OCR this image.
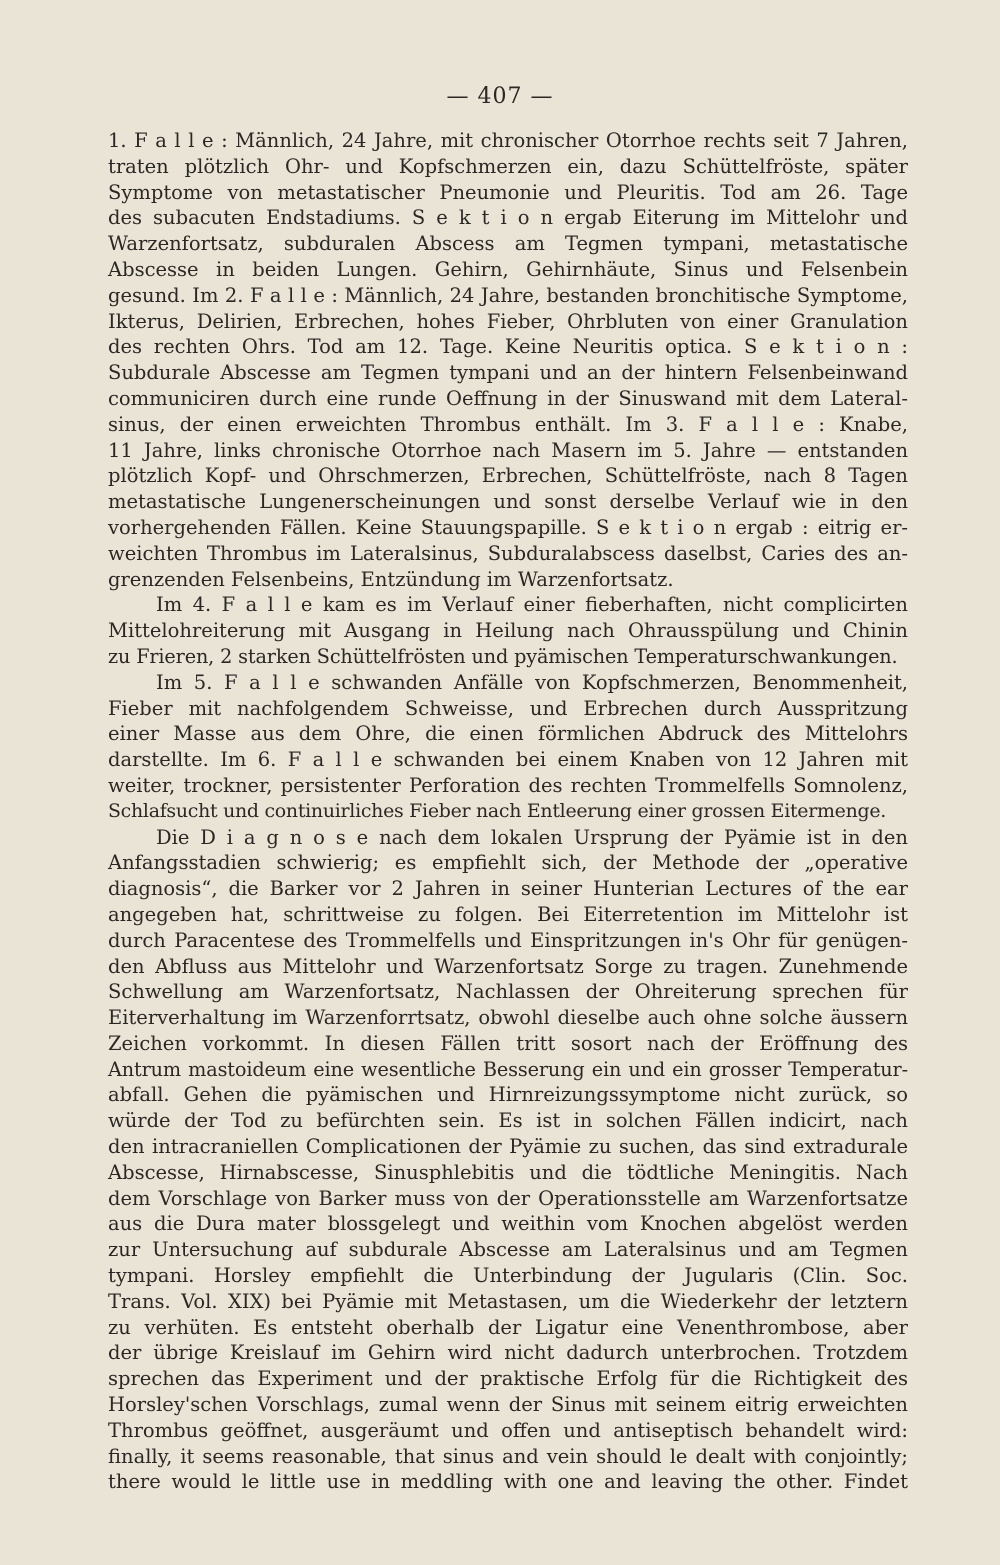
— 407 —
1. F a l l e : Männlich, 24 Jahre, mit chronischer Otorrhoe rechts seit 7 Jahren,
traten plötzlich Ohr- und Kopfschmerzen ein, dazu Schüttelfröste, später
Symptome von metastatischer Pneumonie und Pleuritis. Tod am 26. Tage
des subacuten Endstadiums. S e k t i o n ergab Eiterung im Mittelohr und
Warzenfortsatz, subduralen Abscess am Tegmen tympani, metastatische
Abscesse in beiden Lungen. Gehirn, Gehirnhäute, Sinus und Felsenbein
gesund. Im 2. F a l l e : Männlich, 24 Jahre, bestanden bronchitische Symptome,
Ikterus, Delirien, Erbrechen, hohes Fieber, Ohrbluten von einer Granulation
des rechten Ohrs. Tod am 12. Tage. Keine Neuritis optica. S e k t i o n :
Subdurale Abscesse am Tegmen tympani und an der hintern Felsenbeinwand
communiciren durch eine runde Oeffnung in der Sinuswand mit dem Lateral-
sinus, der einen erweichten Thrombus enthält. Im 3. F a l l e : Knabe,
11 Jahre, links chronische Otorrhoe nach Masern im 5. Jahre — entstanden
plötzlich Kopf- und Ohrschmerzen, Erbrechen, Schüttelfröste, nach 8 Tagen
metastatische Lungenerscheinungen und sonst derselbe Verlauf wie in den
vorhergehenden Fällen. Keine Stauungspapille. S e k t i o n ergab : eitrig er-
weichten Thrombus im Lateralsinus, Subduralabscess daselbst, Caries des an-
grenzenden Felsenbeins, Entzündung im Warzenfortsatz.
Im 4. F a l l e kam es im Verlauf einer fieberhaften, nicht complicirten
Mittelohreiterung mit Ausgang in Heilung nach Ohrausspülung und Chinin
zu Frieren, 2 starken Schüttelfrösten und pyämischen Temperaturschwankungen.
Im 5. F a l l e schwanden Anfälle von Kopfschmerzen, Benommenheit,
Fieber mit nachfolgendem Schweisse, und Erbrechen durch Ausspritzung
einer Masse aus dem Ohre, die einen förmlichen Abdruck des Mittelohrs
darstellte. Im 6. F a l l e schwanden bei einem Knaben von 12 Jahren mit
weiter, trockner, persistenter Perforation des rechten Trommelfells Somnolenz,
Schlafsucht und continuirliches Fieber nach Entleerung einer grossen Eitermenge.
Die D i a g n o s e nach dem lokalen Ursprung der Pyämie ist in den
Anfangsstadien schwierig; es empfiehlt sich, der Methode der „operative
diagnosis“, die Barker vor 2 Jahren in seiner Hunterian Lectures of the ear
angegeben hat, schrittweise zu folgen. Bei Eiterretention im Mittelohr ist
durch Paracentese des Trommelfells und Einspritzungen in's Ohr für genügen-
den Abfluss aus Mittelohr und Warzenfortsatz Sorge zu tragen. Zunehmende
Schwellung am Warzenfortsatz, Nachlassen der Ohreiterung sprechen für
Eiterverhaltung im Warzenforrtsatz, obwohl dieselbe auch ohne solche äussern
Zeichen vorkommt. In diesen Fällen tritt sosort nach der Eröffnung des
Antrum mastoideum eine wesentliche Besserung ein und ein grosser Temperatur-
abfall. Gehen die pyämischen und Hirnreizungssymptome nicht zurück, so
würde der Tod zu befürchten sein. Es ist in solchen Fällen indicirt, nach
den intracraniellen Complicationen der Pyämie zu suchen, das sind extradurale
Abscesse, Hirnabscesse, Sinusphlebitis und die tödtliche Meningitis. Nach
dem Vorschlage von Barker muss von der Operationsstelle am Warzenfortsatze
aus die Dura mater blossgelegt und weithin vom Knochen abgelöst werden
zur Untersuchung auf subdurale Abscesse am Lateralsinus und am Tegmen
tympani. Horsley empfiehlt die Unterbindung der Jugularis (Clin. Soc.
Trans. Vol. XIX) bei Pyämie mit Metastasen, um die Wiederkehr der letztern
zu verhüten. Es entsteht oberhalb der Ligatur eine Venenthrombose, aber
der übrige Kreislauf im Gehirn wird nicht dadurch unterbrochen. Trotzdem
sprechen das Experiment und der praktische Erfolg für die Richtigkeit des
Horsley'schen Vorschlags, zumal wenn der Sinus mit seinem eitrig erweichten
Thrombus geöffnet, ausgeräumt und offen und antiseptisch behandelt wird:
finally, it seems reasonable, that sinus and vein should le dealt with conjointly;
there would le little use in meddling with one and leaving the other. Findet
